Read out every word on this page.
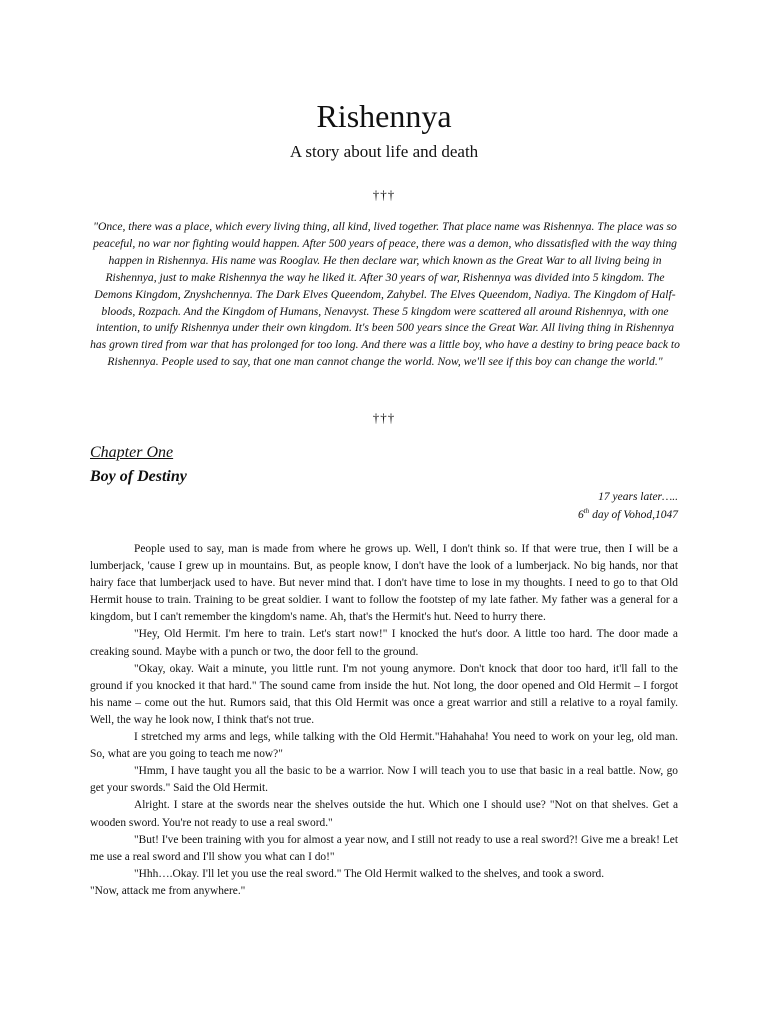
Rishennya

A story about life and death

†††

"Once, there was a place, which every living thing, all kind, lived together. That place name was Rishennya. The place was so peaceful, no war nor fighting would happen. After 500 years of peace, there was a demon, who dissatisfied with the way thing happen in Rishennya. His name was Rooglav. He then declare war, which known as the Great War to all living being in Rishennya, just to make Rishennya the way he liked it. After 30 years of war, Rishennya was divided into 5 kingdom. The Demons Kingdom, Znyshchennya. The Dark Elves Queendom, Zahybel. The Elves Queendom, Nadiya. The Kingdom of Half-bloods, Rozpach. And the Kingdom of Humans, Nenavyst. These 5 kingdom were scattered all around Rishennya, with one intention, to unify Rishennya under their own kingdom. It's been 500 years since the Great War. All living thing in Rishennya has grown tired from war that has prolonged for too long. And there was a little boy, who have a destiny to bring peace back to Rishennya. People used to say, that one man cannot change the world. Now, we'll see if this boy can change the world."

†††

Chapter One

Boy of Destiny

17 years later…..
6th day of Vohod,1047

People used to say, man is made from where he grows up. Well, I don't think so. If that were true, then I will be a lumberjack, 'cause I grew up in mountains. But, as people know, I don't have the look of a lumberjack. No big hands, nor that hairy face that lumberjack used to have. But never mind that. I don't have time to lose in my thoughts. I need to go to that Old Hermit house to train. Training to be great soldier. I want to follow the footstep of my late father. My father was a general for a kingdom, but I can't remember the kingdom's name. Ah, that's the Hermit's hut. Need to hurry there.

"Hey, Old Hermit. I'm here to train. Let's start now!" I knocked the hut's door. A little too hard. The door made a creaking sound. Maybe with a punch or two, the door fell to the ground.

"Okay, okay. Wait a minute, you little runt. I'm not young anymore. Don't knock that door too hard, it'll fall to the ground if you knocked it that hard." The sound came from inside the hut. Not long, the door opened and Old Hermit – I forgot his name – come out the hut. Rumors said, that this Old Hermit was once a great warrior and still a relative to a royal family. Well, the way he look now, I think that's not true.

I stretched my arms and legs, while talking with the Old Hermit."Hahahaha! You need to work on your leg, old man. So, what are you going to teach me now?"

"Hmm, I have taught you all the basic to be a warrior. Now I will teach you to use that basic in a real battle. Now, go get your swords." Said the Old Hermit.

Alright. I stare at the swords near the shelves outside the hut. Which one I should use? "Not on that shelves. Get a wooden sword. You're not ready to use a real sword."

"But! I've been training with you for almost a year now, and I still not ready to use a real sword?! Give me a break! Let me use a real sword and I'll show you what can I do!"

"Hhh….Okay. I'll let you use the real sword." The Old Hermit walked to the shelves, and took a sword.

"Now, attack me from anywhere."
